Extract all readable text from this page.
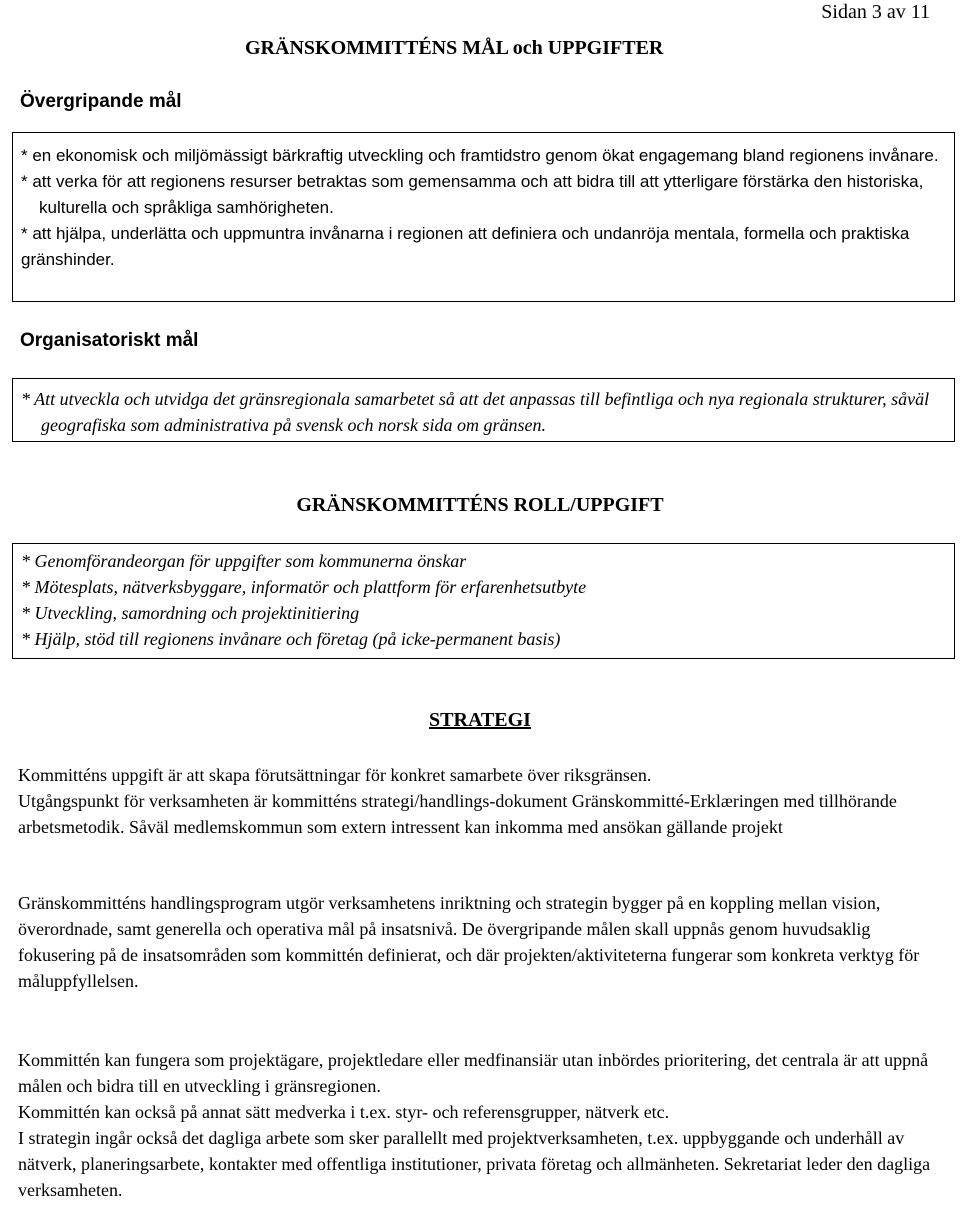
Sidan 3 av 11
GRÄNSKOMMITTÉNS MÅL och UPPGIFTER
Övergripande mål
* en ekonomisk och miljömässigt bärkraftig utveckling och framtidstro genom ökat engagemang bland regionens invånare.
* att verka för att regionens resurser betraktas som gemensamma och att bidra till att ytterligare förstärka den historiska, kulturella och språkliga samhörigheten.
* att hjälpa, underlätta och uppmuntra invånarna i regionen att definiera och undanröja mentala, formella och praktiska gränshinder.
Organisatoriskt mål
* Att utveckla och utvidga det gränsregionala samarbetet så att det anpassas till befintliga och nya regionala strukturer, såväl geografiska som administrativa på svensk och norsk sida om gränsen.
GRÄNSKOMMITTÉNS ROLL/UPPGIFT
* Genomförandeorgan för uppgifter som kommunerna önskar
* Mötesplats, nätverksbyggare, informatör och plattform för erfarenhetsutbyte
* Utveckling, samordning och projektinitiering
* Hjälp, stöd till regionens invånare och företag (på icke-permanent basis)
STRATEGI
Kommitténs uppgift är att skapa förutsättningar för konkret samarbete över riksgränsen.
Utgångspunkt för verksamheten är kommitténs strategi/handlings-dokument Gränskommitté-Erklæringen med tillhörande arbetsmetodik. Såväl medlemskommun som extern intressent kan inkomma med ansökan gällande projekt
Gränskommitténs handlingsprogram utgör verksamhetens inriktning och strategin bygger på en koppling mellan vision, överordnade, samt generella och operativa mål på insatsnivå. De övergripande målen skall uppnås genom huvudsaklig fokusering på de insatsområden som kommittén definierat, och där projekten/aktiviteterna fungerar som konkreta verktyg för måluppfyllelsen.
Kommittén kan fungera som projektägare, projektledare eller medfinansiär utan inbördes prioritering, det centrala är att uppnå målen och bidra till en utveckling i gränsregionen.
Kommittén kan också på annat sätt medverka i t.ex. styr- och referensgrupper, nätverk etc.
I strategin ingår också det dagliga arbete som sker parallellt med projektverksamheten, t.ex. uppbyggande och underhåll av nätverk, planeringsarbete, kontakter med offentliga institutioner, privata företag och allmänheten. Sekretariat leder den dagliga verksamheten.
